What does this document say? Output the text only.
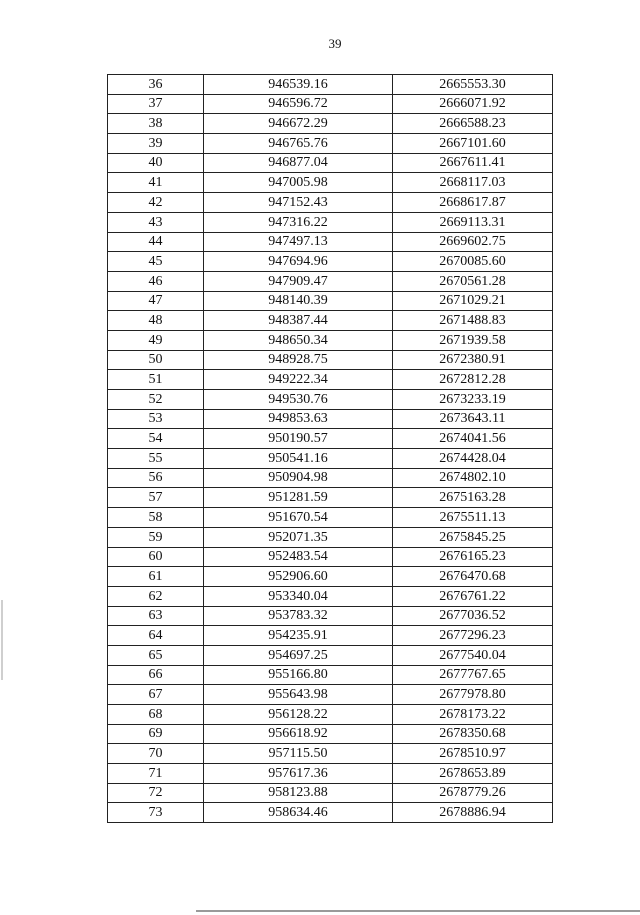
39
36	946539.16	2665553.30
37	946596.72	2666071.92
38	946672.29	2666588.23
39	946765.76	2667101.60
40	946877.04	2667611.41
41	947005.98	2668117.03
42	947152.43	2668617.87
43	947316.22	2669113.31
44	947497.13	2669602.75
45	947694.96	2670085.60
46	947909.47	2670561.28
47	948140.39	2671029.21
48	948387.44	2671488.83
49	948650.34	2671939.58
50	948928.75	2672380.91
51	949222.34	2672812.28
52	949530.76	2673233.19
53	949853.63	2673643.11
54	950190.57	2674041.56
55	950541.16	2674428.04
56	950904.98	2674802.10
57	951281.59	2675163.28
58	951670.54	2675511.13
59	952071.35	2675845.25
60	952483.54	2676165.23
61	952906.60	2676470.68
62	953340.04	2676761.22
63	953783.32	2677036.52
64	954235.91	2677296.23
65	954697.25	2677540.04
66	955166.80	2677767.65
67	955643.98	2677978.80
68	956128.22	2678173.22
69	956618.92	2678350.68
70	957115.50	2678510.97
71	957617.36	2678653.89
72	958123.88	2678779.26
73	958634.46	2678886.94
